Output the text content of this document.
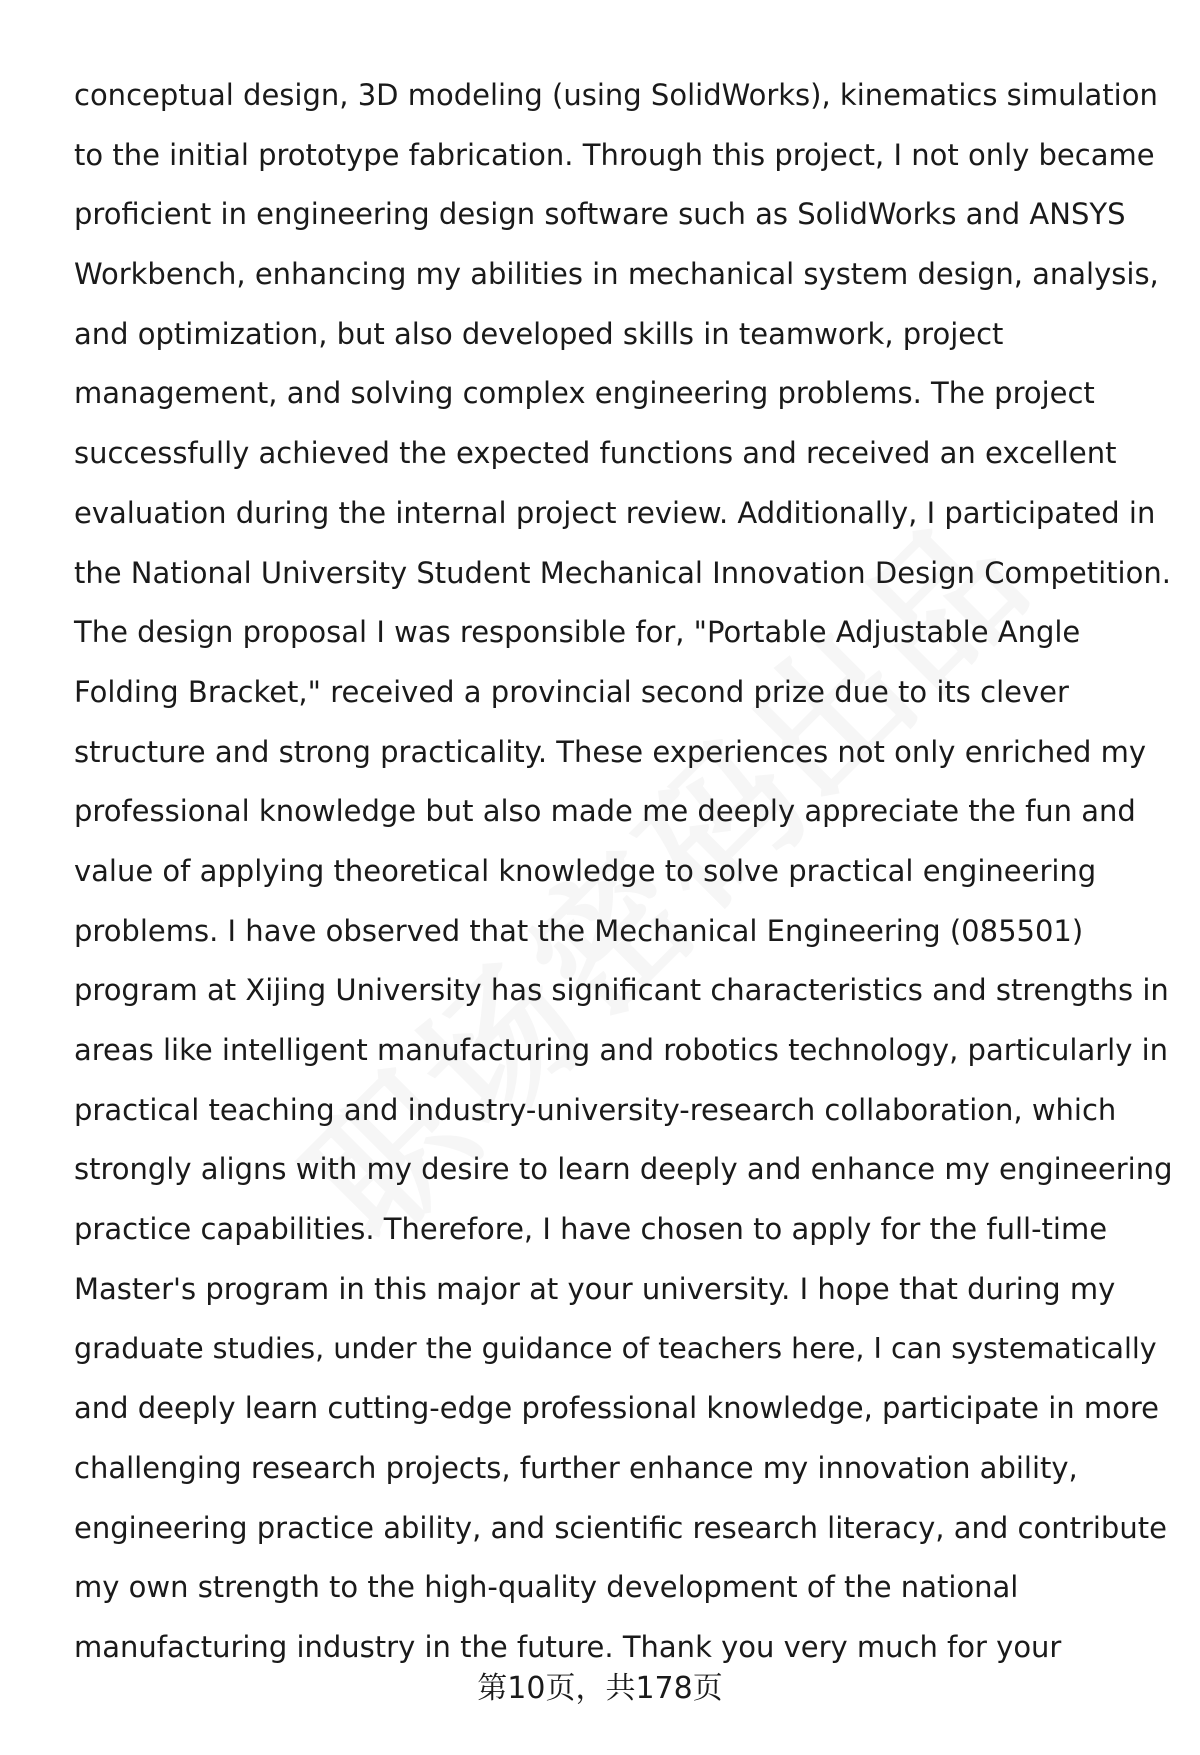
conceptual design, 3D modeling (using SolidWorks), kinematics simulation
to the initial prototype fabrication. Through this project, I not only became
proficient in engineering design software such as SolidWorks and ANSYS
Workbench, enhancing my abilities in mechanical system design, analysis,
and optimization, but also developed skills in teamwork, project
management, and solving complex engineering problems. The project
successfully achieved the expected functions and received an excellent
evaluation during the internal project review. Additionally, I participated in
the National University Student Mechanical Innovation Design Competition.
The design proposal I was responsible for, "Portable Adjustable Angle
Folding Bracket," received a provincial second prize due to its clever
structure and strong practicality. These experiences not only enriched my
professional knowledge but also made me deeply appreciate the fun and
value of applying theoretical knowledge to solve practical engineering
problems. I have observed that the Mechanical Engineering (085501)
program at Xijing University has significant characteristics and strengths in
areas like intelligent manufacturing and robotics technology, particularly in
practical teaching and industry-university-research collaboration, which
strongly aligns with my desire to learn deeply and enhance my engineering
practice capabilities. Therefore, I have chosen to apply for the full-time
Master's program in this major at your university. I hope that during my
graduate studies, under the guidance of teachers here, I can systematically
and deeply learn cutting-edge professional knowledge, participate in more
challenging research projects, further enhance my innovation ability,
engineering practice ability, and scientific research literacy, and contribute
my own strength to the high-quality development of the national
manufacturing industry in the future. Thank you very much for your
第10页，共178页
